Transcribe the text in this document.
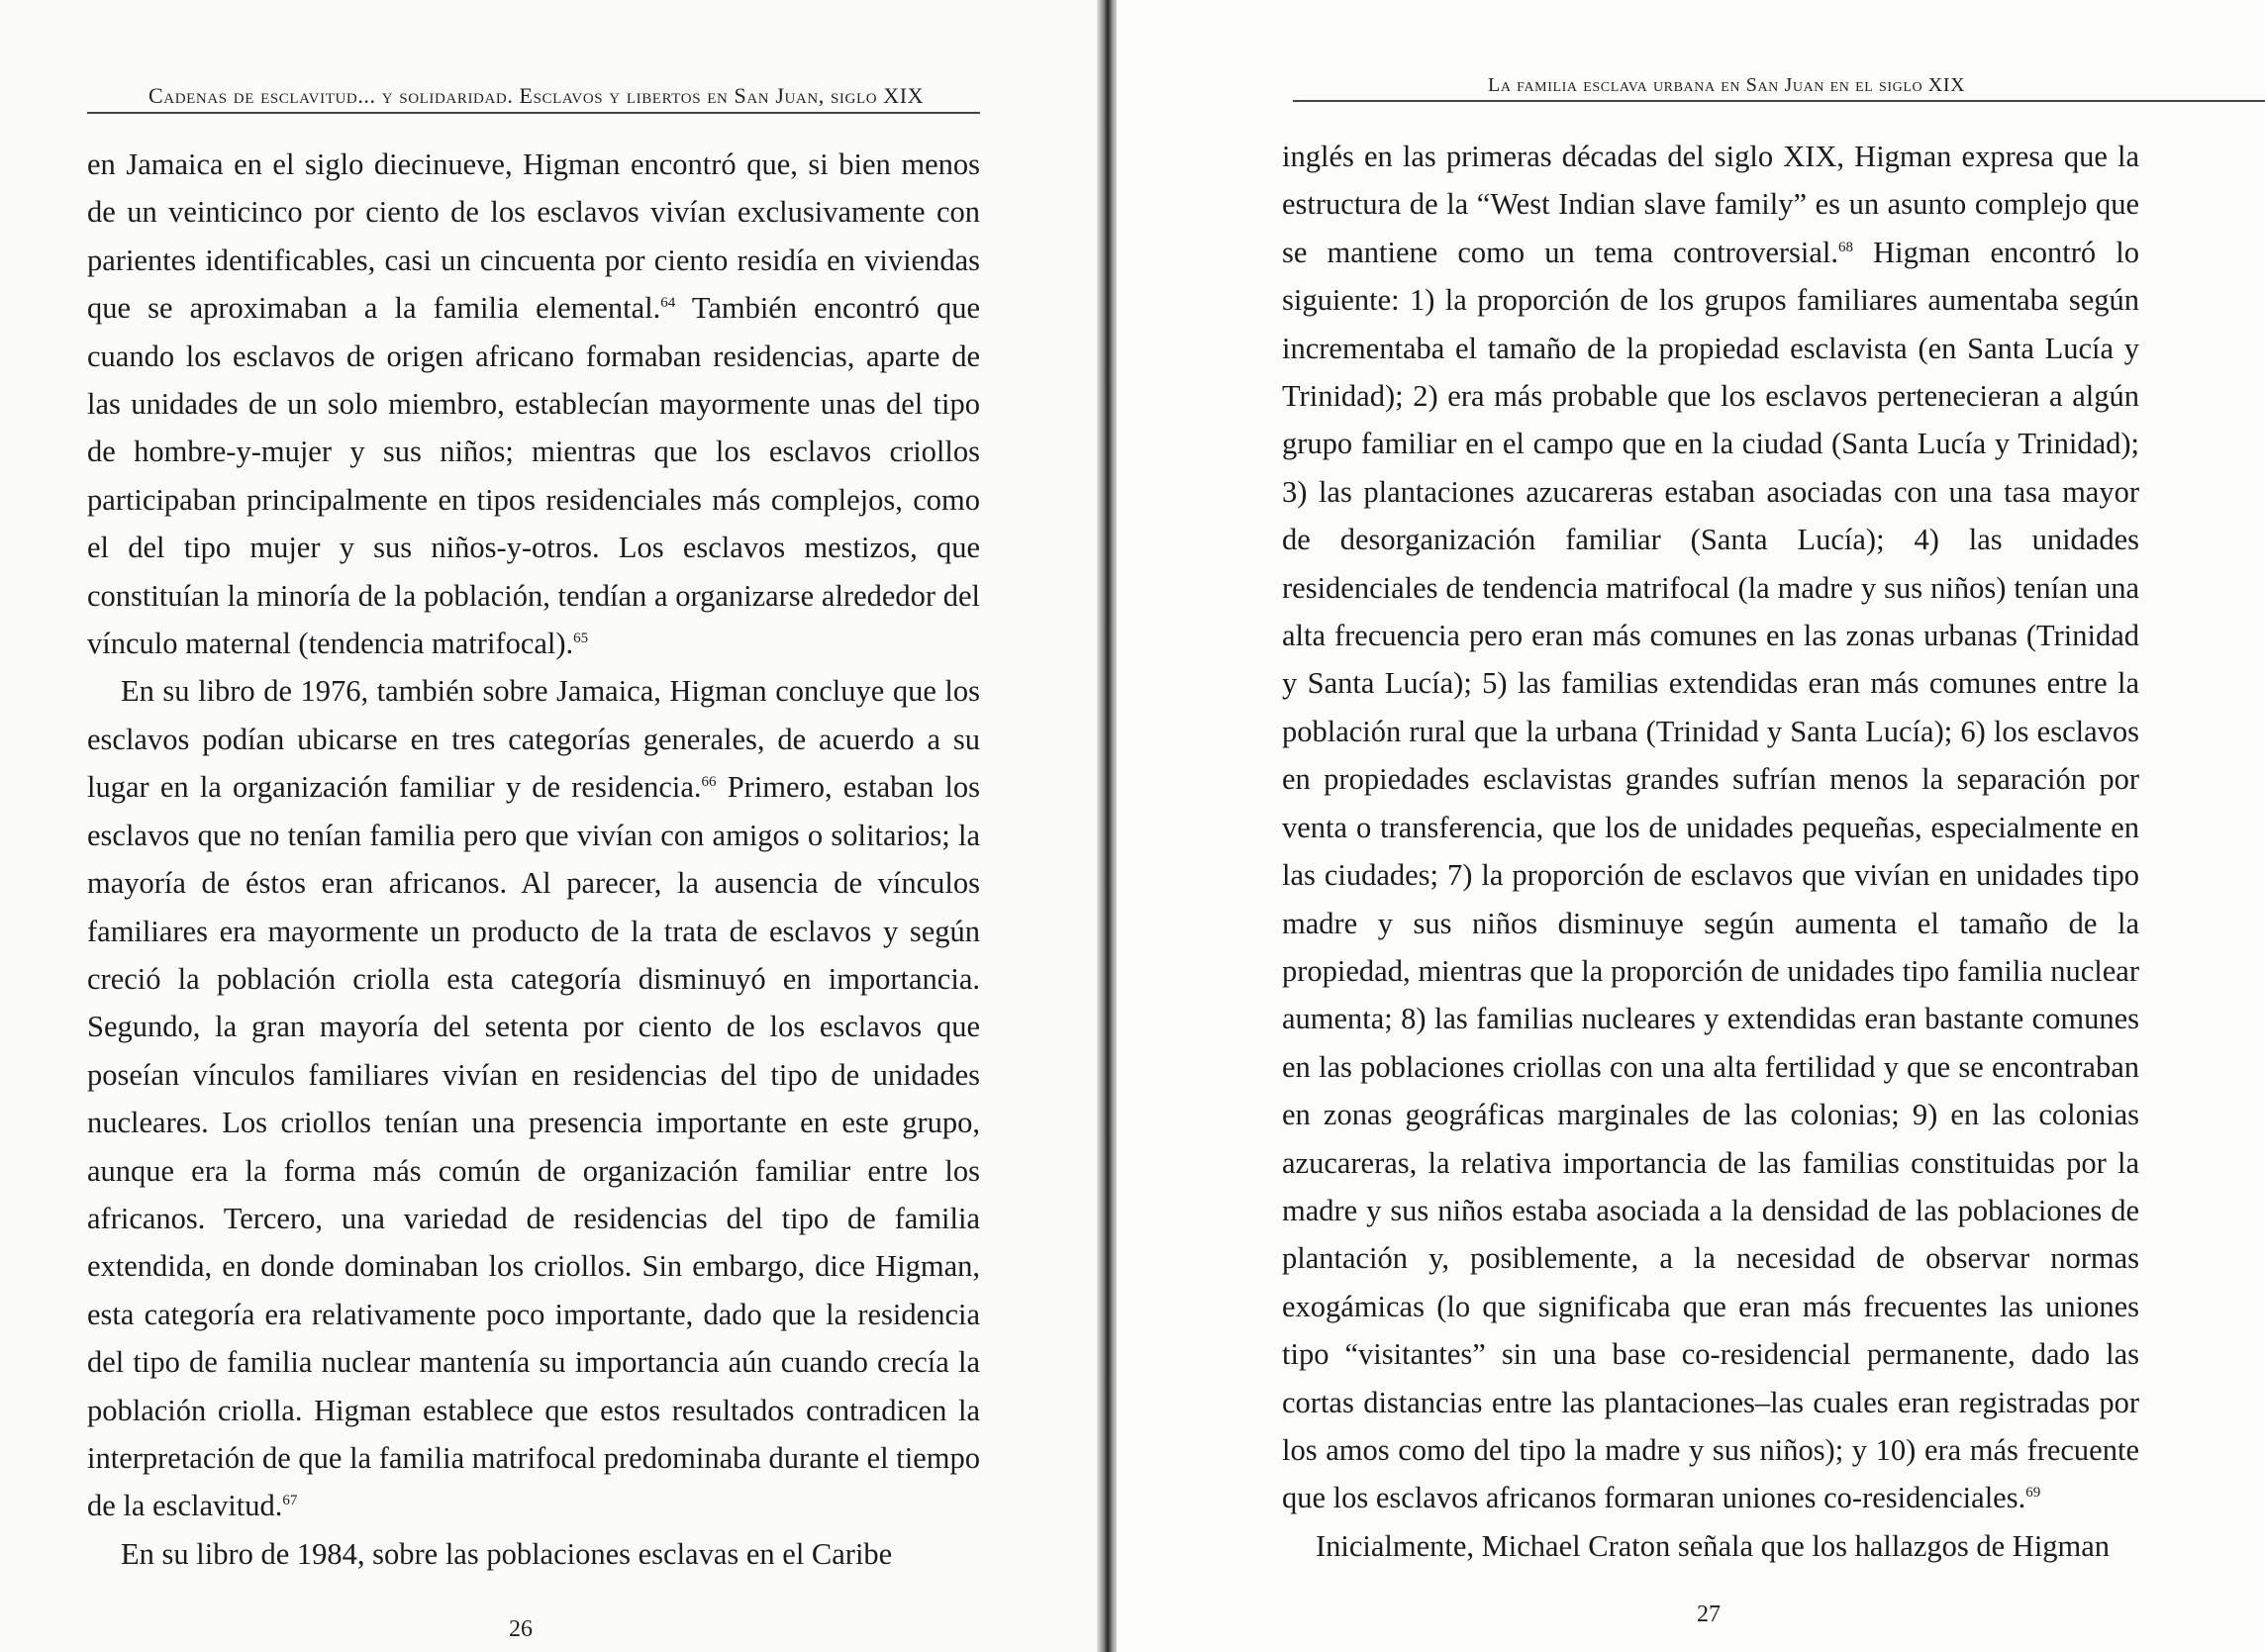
Cadenas de esclavitud... y solidaridad. Esclavos y libertos en San Juan, siglo XIX

en Jamaica en el siglo diecinueve, Higman encontró que, si bien menos de un veinticinco por ciento de los esclavos vivían exclusivamente con parientes identificables, casi un cincuenta por ciento residía en viviendas que se aproximaban a la familia elemental.$^{64}$ También encontró que cuando los esclavos de origen africano formaban residencias, aparte de las unidades de un solo miembro, establecían mayormente unas del tipo de hombre-y-mujer y sus niños; mientras que los esclavos criollos participaban principalmente en tipos residenciales más complejos, como el del tipo mujer y sus niños-y-otros. Los esclavos mestizos, que constituían la minoría de la población, tendían a organizarse alrededor del vínculo maternal (tendencia matrifocal).$^{65}$

En su libro de 1976, también sobre Jamaica, Higman concluye que los esclavos podían ubicarse en tres categorías generales, de acuerdo a su lugar en la organización familiar y de residencia.$^{66}$ Primero, estaban los esclavos que no tenían familia pero que vivían con amigos o solitarios; la mayoría de éstos eran africanos. Al parecer, la ausencia de vínculos familiares era mayormente un producto de la trata de esclavos y según creció la población criolla esta categoría disminuyó en importancia. Segundo, la gran mayoría del setenta por ciento de los esclavos que poseían vínculos familiares vivían en residencias del tipo de unidades nucleares. Los criollos tenían una presencia importante en este grupo, aunque era la forma más común de organización familiar entre los africanos. Tercero, una variedad de residencias del tipo de familia extendida, en donde dominaban los criollos. Sin embargo, dice Higman, esta categoría era relativamente poco importante, dado que la residencia del tipo de familia nuclear mantenía su importancia aún cuando crecía la población criolla. Higman establece que estos resultados contradicen la interpretación de que la familia matrifocal predominaba durante el tiempo de la esclavitud.$^{67}$

En su libro de 1984, sobre las poblaciones esclavas en el Caribe

26
La familia esclava urbana en San Juan en el siglo XIX
27

inglés en las primeras décadas del siglo XIX, Higman expresa que la estructura de la “West Indian slave family” es un asunto complejo que se mantiene como un tema controversial.$^{68}$ Higman encontró lo siguiente: 1) la proporción de los grupos familiares aumentaba según incrementaba el tamaño de la propiedad esclavista (en Santa Lucía y Trinidad); 2) era más probable que los esclavos pertenecieran a algún grupo familiar en el campo que en la ciudad (Santa Lucía y Trinidad); 3) las plantaciones azucareras estaban asociadas con una tasa mayor de desorganización familiar (Santa Lucía); 4) las unidades residenciales de tendencia matrifocal (la madre y sus niños) tenían una alta frecuencia pero eran más comunes en las zonas urbanas (Trinidad y Santa Lucía); 5) las familias extendidas eran más comunes entre la población rural que la urbana (Trinidad y Santa Lucía); 6) los esclavos en propiedades esclavistas grandes sufrían menos la separación por venta o transferencia, que los de unidades pequeñas, especialmente en las ciudades; 7) la proporción de esclavos que vivían en unidades tipo madre y sus niños disminuye según aumenta el tamaño de la propiedad, mientras que la proporción de unidades tipo familia nuclear aumenta; 8) las familias nucleares y extendidas eran bastante comunes en las poblaciones criollas con una alta fertilidad y que se encontraban en zonas geográficas marginales de las colonias; 9) en las colonias azucareras, la relativa importancia de las familias constituidas por la madre y sus niños estaba asociada a la densidad de las poblaciones de plantación y, posiblemente, a la necesidad de observar normas exogámicas (lo que significaba que eran más frecuentes las uniones tipo “visitantes” sin una base co-residencial permanente, dado las cortas distancias entre las plantaciones–las cuales eran registradas por los amos como del tipo la madre y sus niños); y 10) era más frecuente que los esclavos africanos formaran uniones co-residenciales.$^{69}$

Inicialmente, Michael Craton señala que los hallazgos de Higman
